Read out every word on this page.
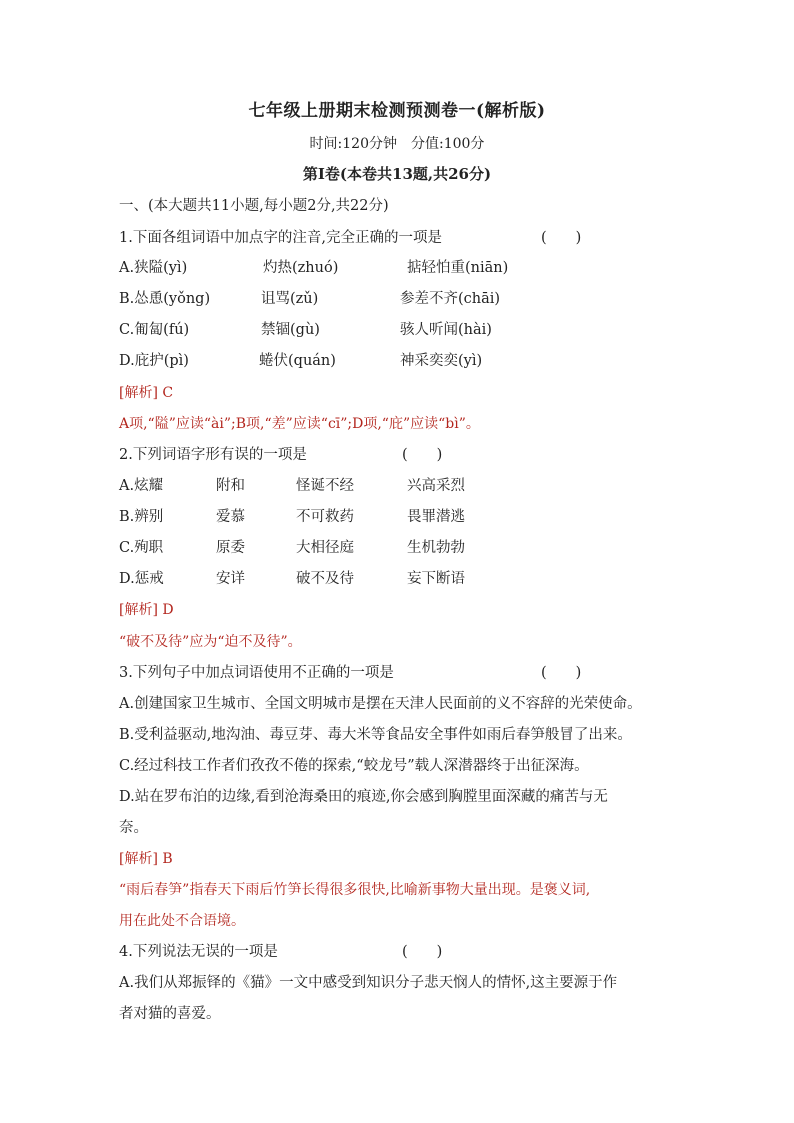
七年级上册期末检测预测卷一(解析版)
时间:120分钟　分值:100分
第Ⅰ卷(本卷共13题,共26分)
一、(本大题共11小题,每小题2分,共22分)
1.下面各组词语中加点字的注音,完全正确的一项是	(　　)
A.狭隘(yì)	灼热(zhuó)	掂轻怕重(niān)
B.怂恿(yǒng)	诅骂(zǔ)	参差不齐(chāi)
C.匍匐(fú)	禁锢(gù)	骇人听闻(hài)
D.庇护(pì)	蜷伏(quán)	神采奕奕(yì)
[解析] C
A项,“隘”应读“ài”;B项,“差”应读“cī”;D项,“庇”应读“bì”。
2.下列词语字形有误的一项是	(　　)
A.炫耀	附和	怪诞不经	兴高采烈
B.辨别	爱慕	不可救药	畏罪潜逃
C.殉职	原委	大相径庭	生机勃勃
D.惩戒	安详	破不及待	妄下断语
[解析] D
“破不及待”应为“迫不及待”。
3.下列句子中加点词语使用不正确的一项是	(　　)
A.创建国家卫生城市、全国文明城市是摆在天津人民面前的义不容辞的光荣使命。
B.受利益驱动,地沟油、毒豆芽、毒大米等食品安全事件如雨后春笋般冒了出来。
C.经过科技工作者们孜孜不倦的探索,“蛟龙号”载人深潜器终于出征深海。
D.站在罗布泊的边缘,看到沧海桑田的痕迹,你会感到胸膛里面深藏的痛苦与无
奈。
[解析] B
“雨后春笋”指春天下雨后竹笋长得很多很快,比喻新事物大量出现。是褒义词,
用在此处不合语境。
4.下列说法无误的一项是	(　　)
A.我们从郑振铎的《猫》一文中感受到知识分子悲天悯人的情怀,这主要源于作
者对猫的喜爱。
